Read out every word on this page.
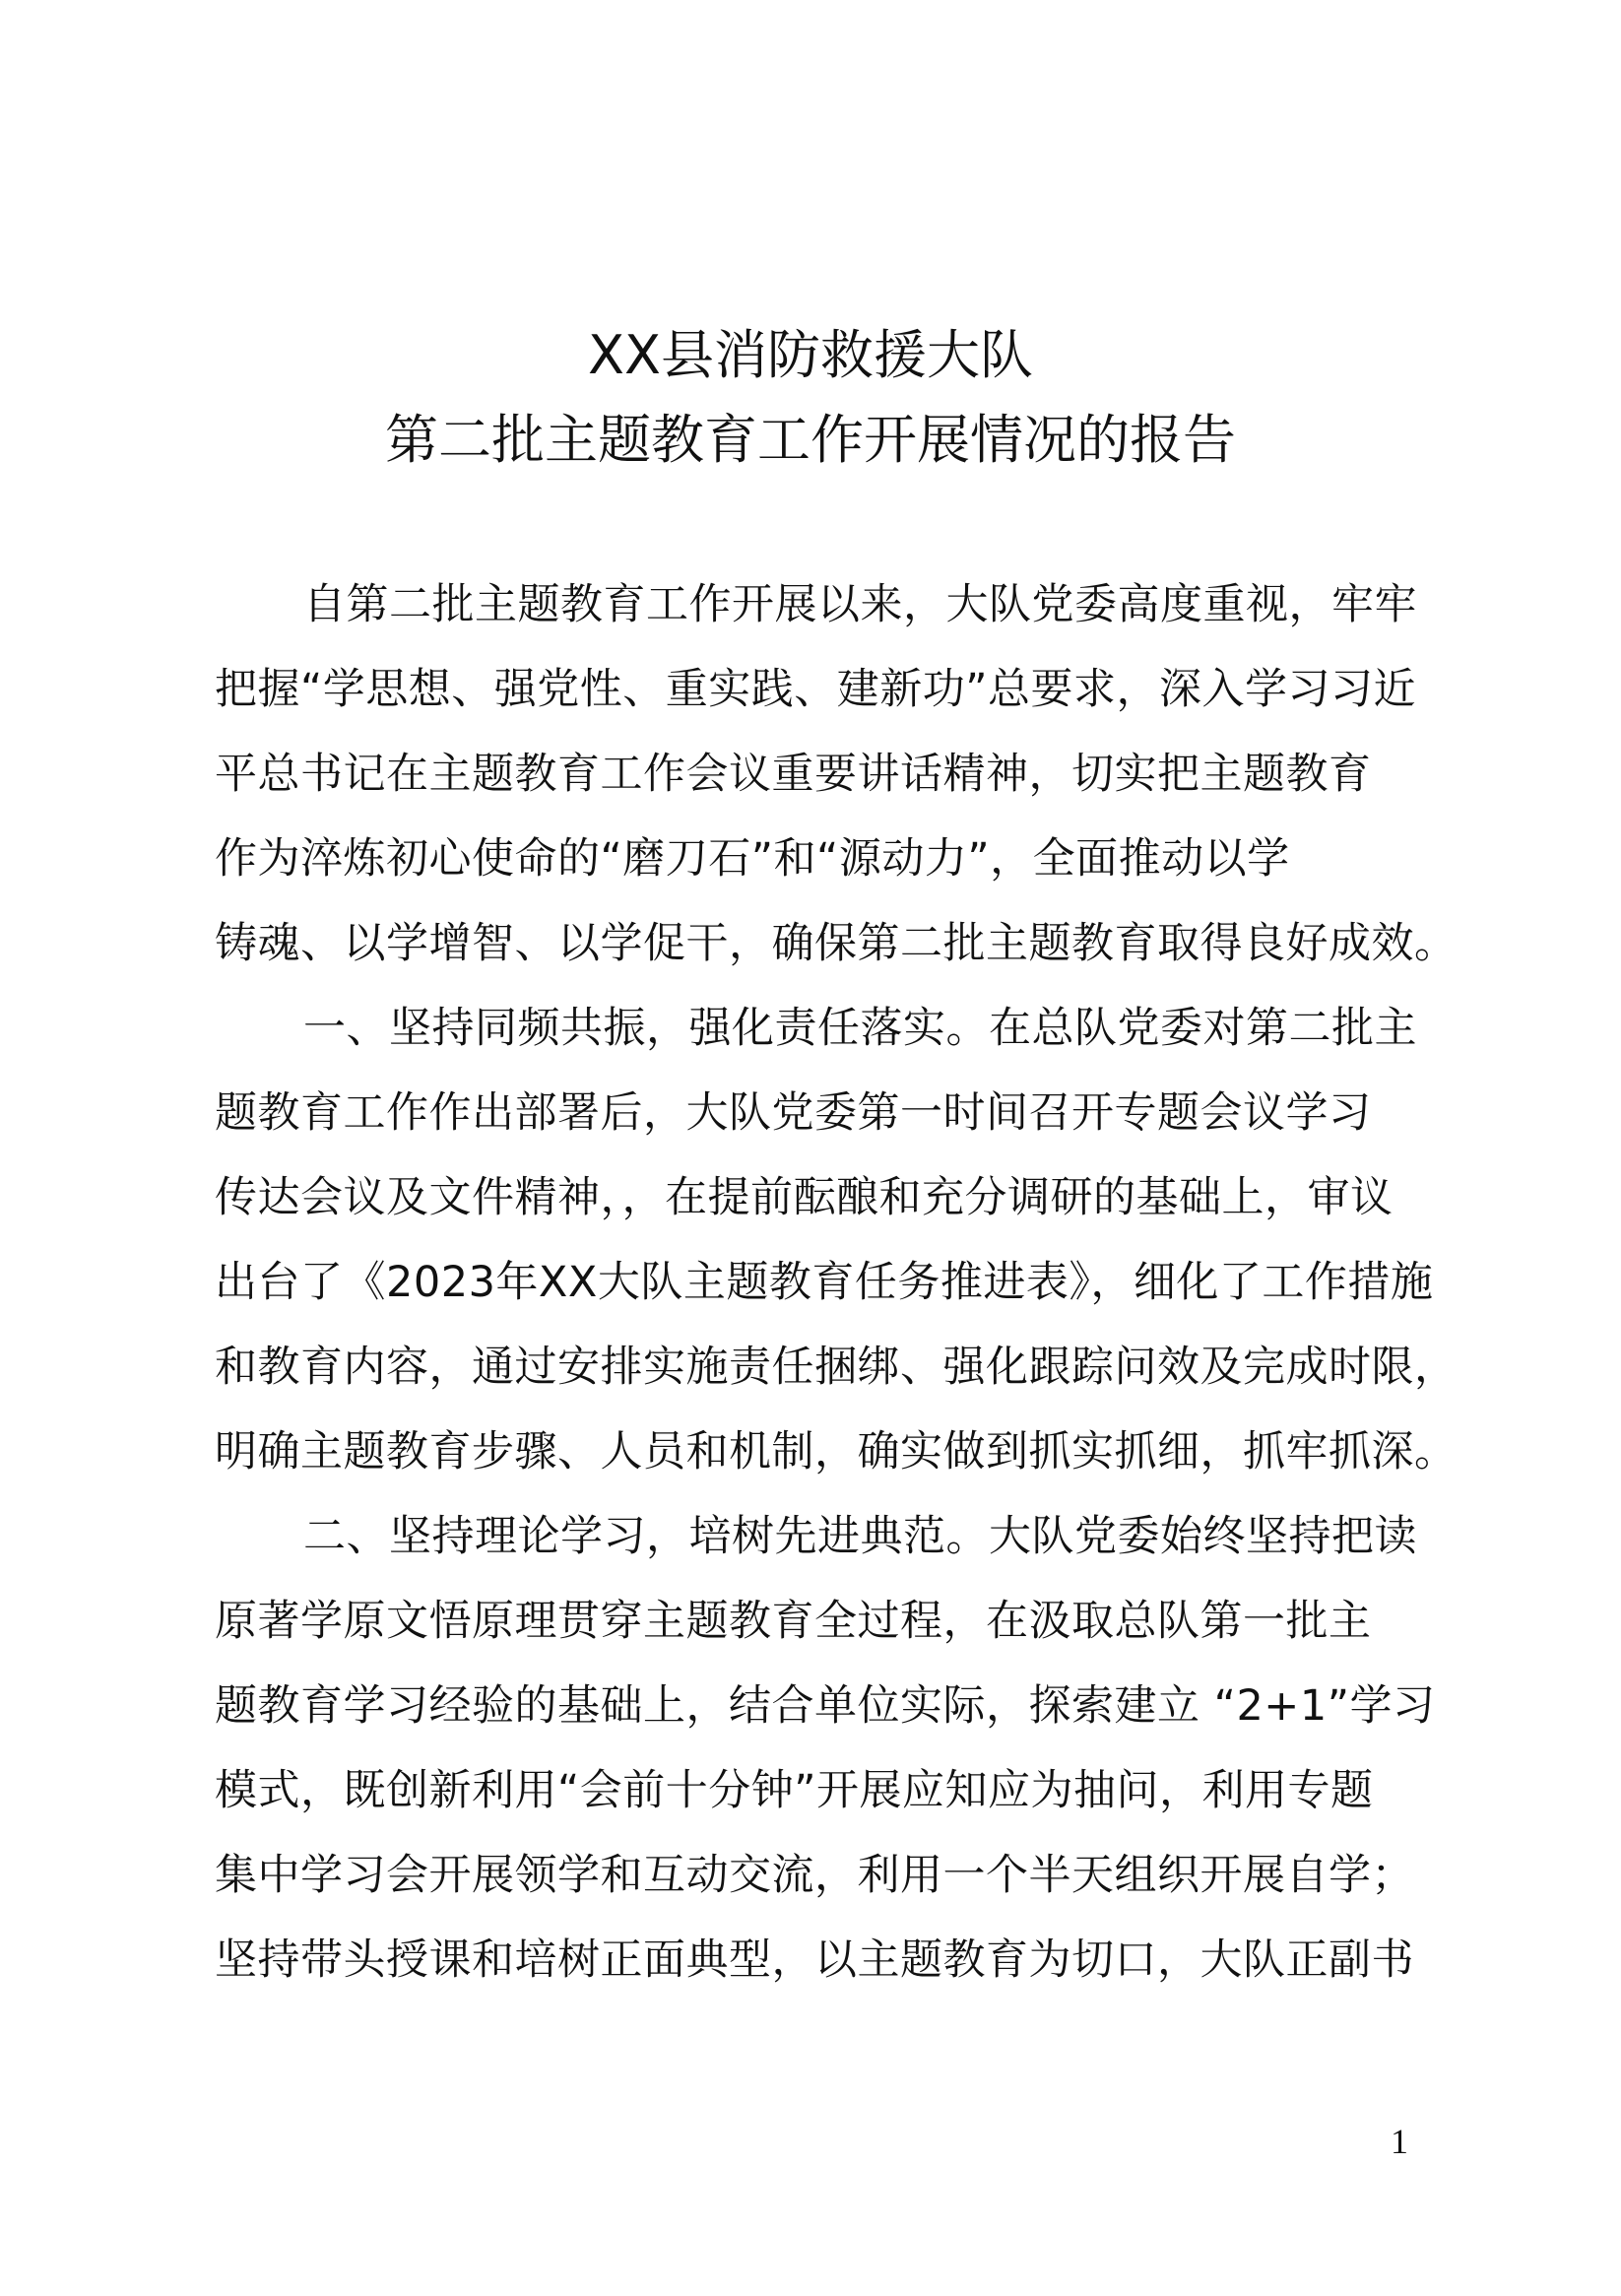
XX县消防救援大队
第二批主题教育工作开展情况的报告

自第二批主题教育工作开展以来，大队党委高度重视，牢牢

把握“学思想、强党性、重实践、建新功”总要求，深入学习习近

平总书记在主题教育工作会议重要讲话精神，切实把主题教育

作为淬炼初心使命的“磨刀石”和“源动力”，全面推动以学

铸魂、以学增智、以学促干，确保第二批主题教育取得良好成效。

一、坚持同频共振，强化责任落实。在总队党委对第二批主

题教育工作作出部署后，大队党委第一时间召开专题会议学习

传达会议及文件精神，，在提前酝酿和充分调研的基础上，审议

出台了《2023年XX大队主题教育任务推进表》，细化了工作措施

和教育内容，通过安排实施责任捆绑、强化跟踪问效及完成时限，

明确主题教育步骤、人员和机制，确实做到抓实抓细，抓牢抓深。

二、坚持理论学习，培树先进典范。大队党委始终坚持把读

原著学原文悟原理贯穿主题教育全过程，在汲取总队第一批主

题教育学习经验的基础上，结合单位实际，探索建立 “2+1”学习

模式，既创新利用“会前十分钟”开展应知应为抽问，利用专题

集中学习会开展领学和互动交流，利用一个半天组织开展自学；

坚持带头授课和培树正面典型，以主题教育为切口，大队正副书

1
